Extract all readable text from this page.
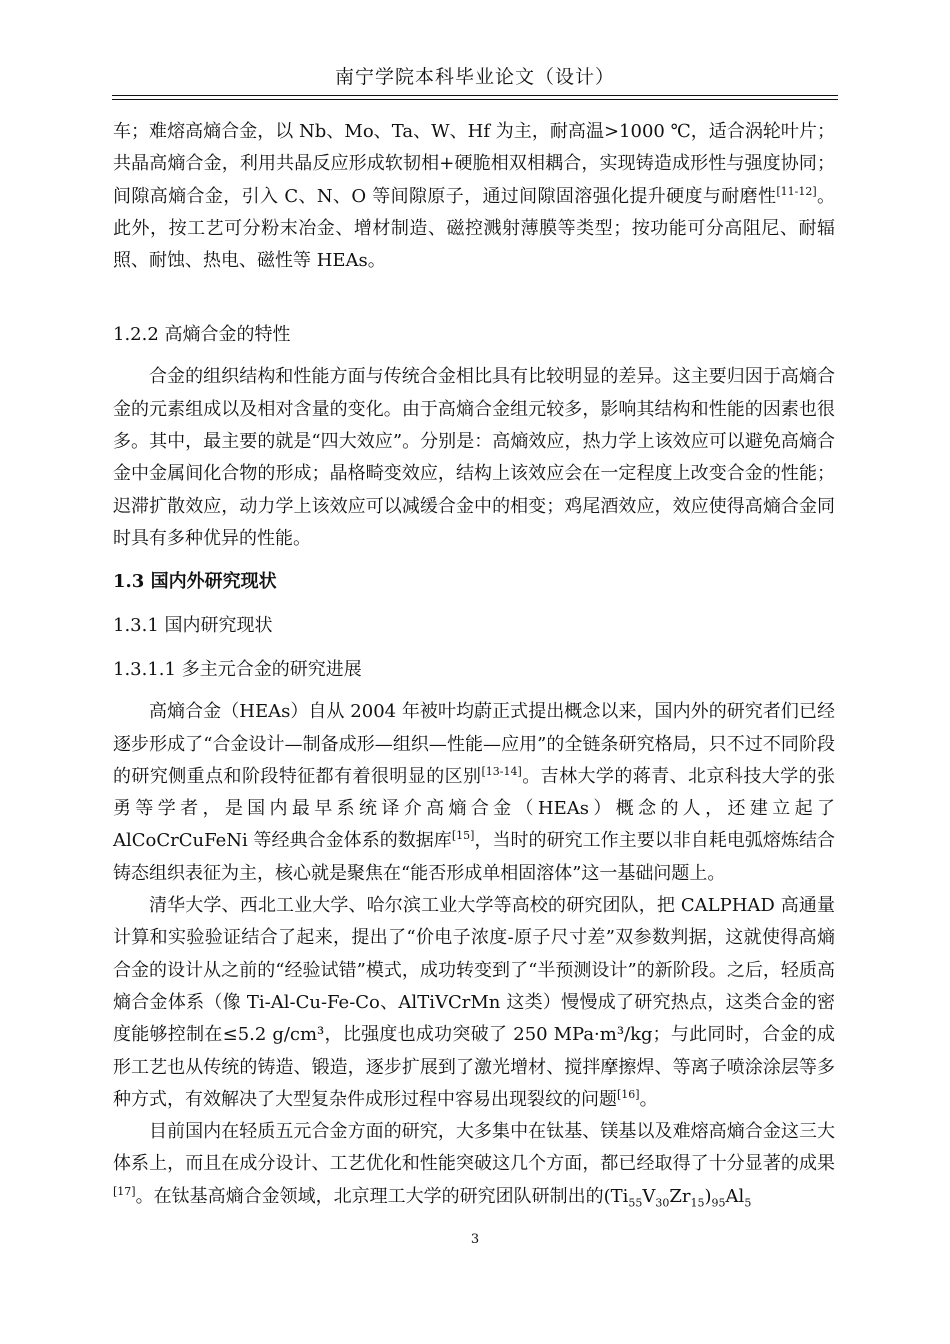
南宁学院本科毕业论文（设计）

车；难熔高熵合金，以 Nb、Mo、Ta、W、Hf 为主，耐高温>1000 ℃，适合涡轮叶片；共晶高熵合金，利用共晶反应形成软韧相+硬脆相双相耦合，实现铸造成形性与强度协同；间隙高熵合金，引入 C、N、O 等间隙原子，通过间隙固溶强化提升硬度与耐磨性[11-12]。此外，按工艺可分粉末冶金、增材制造、磁控溅射薄膜等类型；按功能可分高阻尼、耐辐照、耐蚀、热电、磁性等 HEAs。

1.2.2 高熵合金的特性

合金的组织结构和性能方面与传统合金相比具有比较明显的差异。这主要归因于高熵合金的元素组成以及相对含量的变化。由于高熵合金组元较多，影响其结构和性能的因素也很多。其中，最主要的就是“四大效应”。分别是：高熵效应，热力学上该效应可以避免高熵合金中金属间化合物的形成；晶格畸变效应，结构上该效应会在一定程度上改变合金的性能；迟滞扩散效应，动力学上该效应可以减缓合金中的相变；鸡尾酒效应，效应使得高熵合金同时具有多种优异的性能。

1.3 国内外研究现状

1.3.1 国内研究现状

1.3.1.1 多主元合金的研究进展

高熵合金（HEAs）自从 2004 年被叶均蔚正式提出概念以来，国内外的研究者们已经逐步形成了“合金设计—制备成形—组织—性能—应用”的全链条研究格局，只不过不同阶段的研究侧重点和阶段特征都有着很明显的区别[13-14]。吉林大学的蒋青、北京科技大学的张勇等学者，是国内最早系统译介高熵合金（HEAs）概念的人，还建立起了 AlCoCrCuFeNi 等经典合金体系的数据库[15]，当时的研究工作主要以非自耗电弧熔炼结合铸态组织表征为主，核心就是聚焦在“能否形成单相固溶体”这一基础问题上。

清华大学、西北工业大学、哈尔滨工业大学等高校的研究团队，把 CALPHAD 高通量计算和实验验证结合了起来，提出了“价电子浓度-原子尺寸差”双参数判据，这就使得高熵合金的设计从之前的“经验试错”模式，成功转变到了“半预测设计”的新阶段。之后，轻质高熵合金体系（像 Ti-Al-Cu-Fe-Co、AlTiVCrMn 这类）慢慢成了研究热点，这类合金的密度能够控制在≤5.2 g/cm³，比强度也成功突破了 250 MPa·m³/kg；与此同时，合金的成形工艺也从传统的铸造、锻造，逐步扩展到了激光增材、搅拌摩擦焊、等离子喷涂涂层等多种方式，有效解决了大型复杂件成形过程中容易出现裂纹的问题[16]。

目前国内在轻质五元合金方面的研究，大多集中在钛基、镁基以及难熔高熵合金这三大体系上，而且在成分设计、工艺优化和性能突破这几个方面，都已经取得了十分显著的成果[17]。在钛基高熵合金领域，北京理工大学的研究团队研制出的$(Ti_{55}V_{30}Zr_{15})_{95}Al_5$

3
